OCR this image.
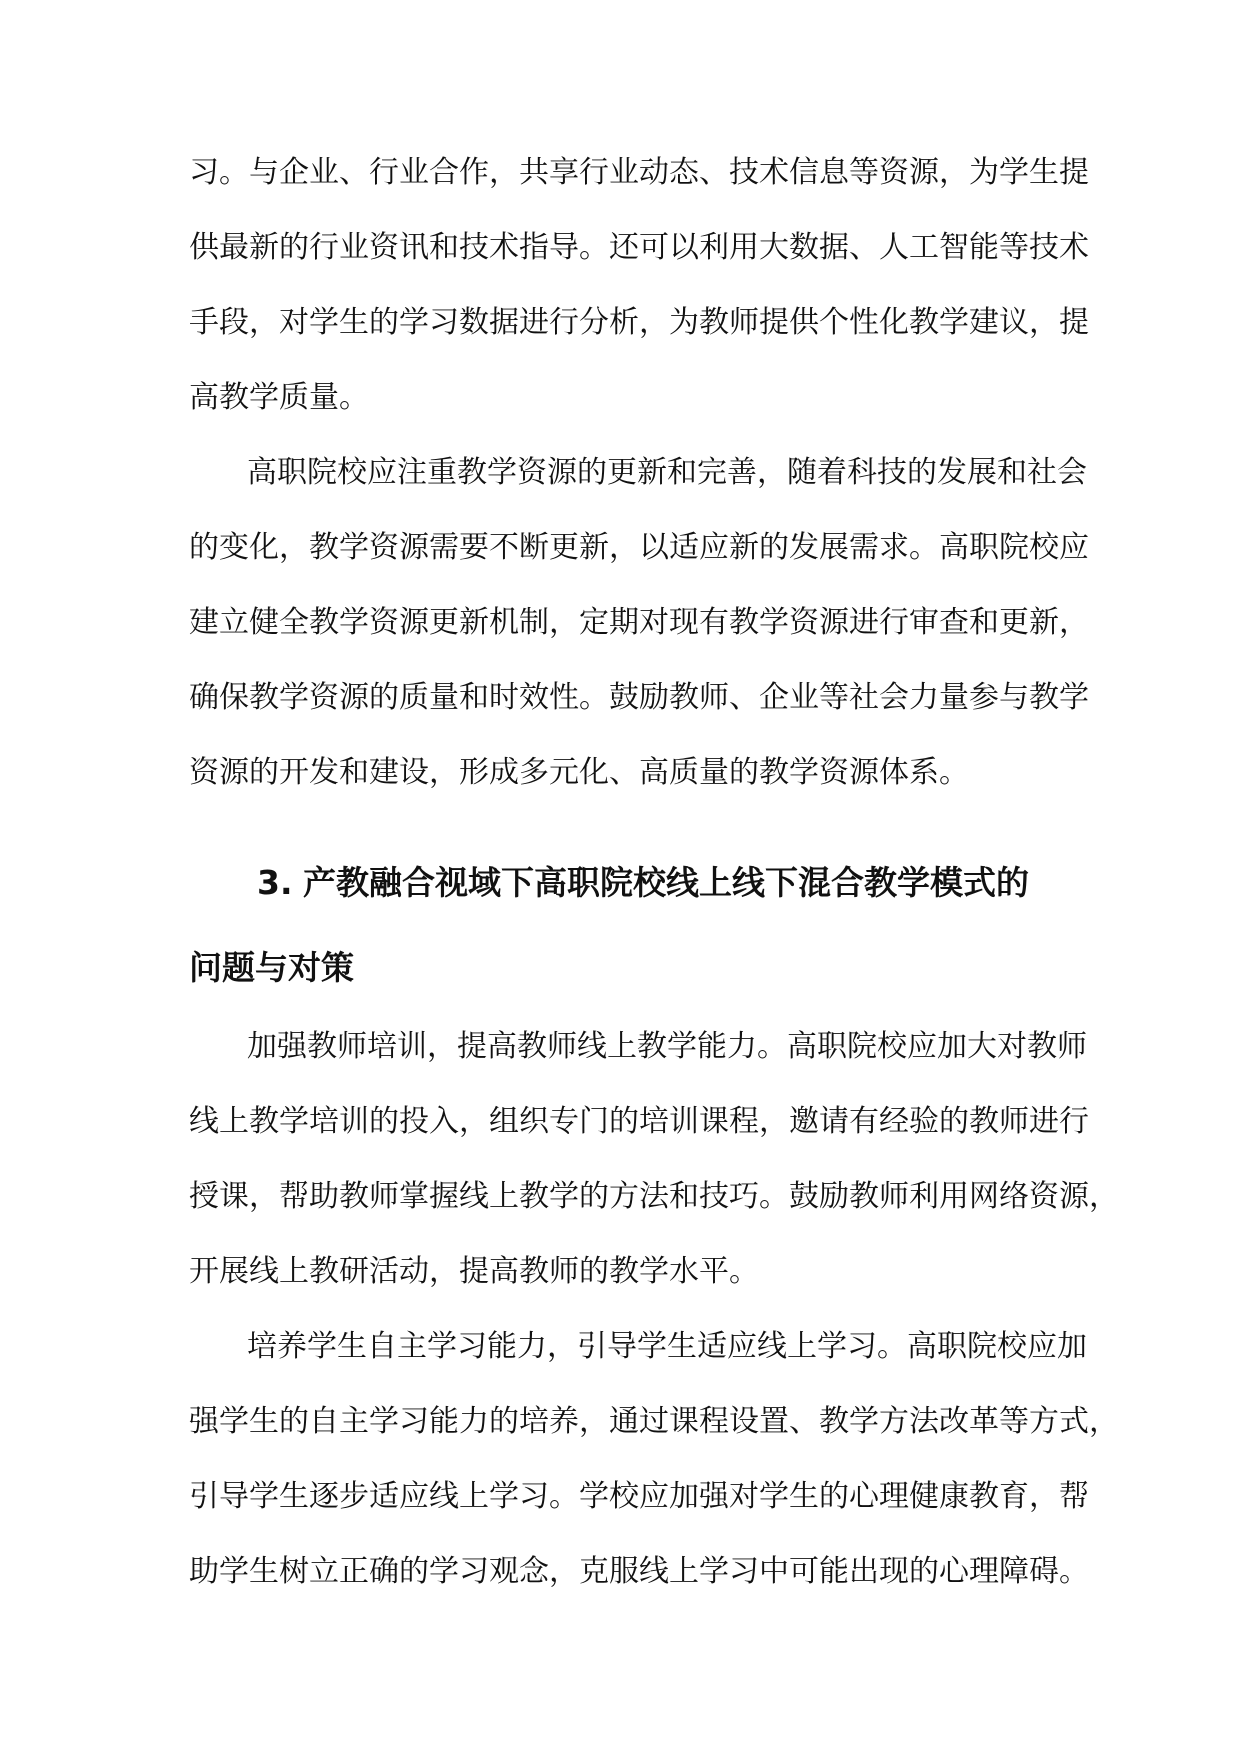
习。与企业、行业合作，共享行业动态、技术信息等资源，为学生提
供最新的行业资讯和技术指导。还可以利用大数据、人工智能等技术
手段，对学生的学习数据进行分析，为教师提供个性化教学建议，提
高教学质量。
高职院校应注重教学资源的更新和完善，随着科技的发展和社会
的变化，教学资源需要不断更新，以适应新的发展需求。高职院校应
建立健全教学资源更新机制，定期对现有教学资源进行审查和更新，
确保教学资源的质量和时效性。鼓励教师、企业等社会力量参与教学
资源的开发和建设，形成多元化、高质量的教学资源体系。
3. 产教融合视域下高职院校线上线下混合教学模式的
问题与对策
加强教师培训，提高教师线上教学能力。高职院校应加大对教师
线上教学培训的投入，组织专门的培训课程，邀请有经验的教师进行
授课，帮助教师掌握线上教学的方法和技巧。鼓励教师利用网络资源，
开展线上教研活动，提高教师的教学水平。
培养学生自主学习能力，引导学生适应线上学习。高职院校应加
强学生的自主学习能力的培养，通过课程设置、教学方法改革等方式，
引导学生逐步适应线上学习。学校应加强对学生的心理健康教育，帮
助学生树立正确的学习观念，克服线上学习中可能出现的心理障碍。
